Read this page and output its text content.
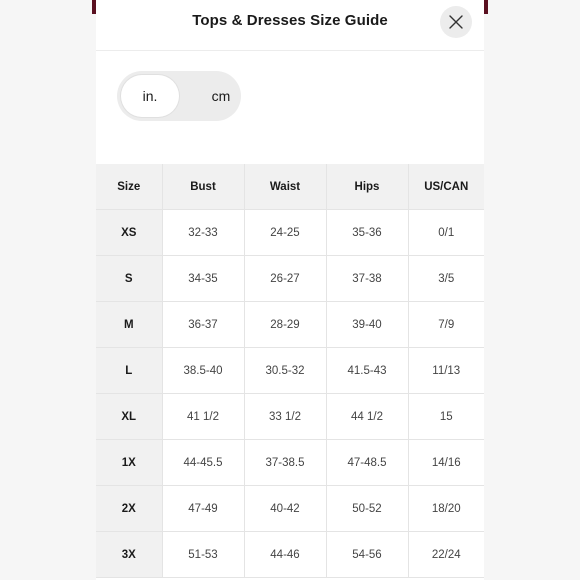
Tops & Dresses Size Guide
in.	cm
Size	Bust	Waist	Hips	US/CAN
XS	32-33	24-25	35-36	0/1
S	34-35	26-27	37-38	3/5
M	36-37	28-29	39-40	7/9
L	38.5-40	30.5-32	41.5-43	11/13
XL	41 1/2	33 1/2	44 1/2	15
1X	44-45.5	37-38.5	47-48.5	14/16
2X	47-49	40-42	50-52	18/20
3X	51-53	44-46	54-56	22/24
